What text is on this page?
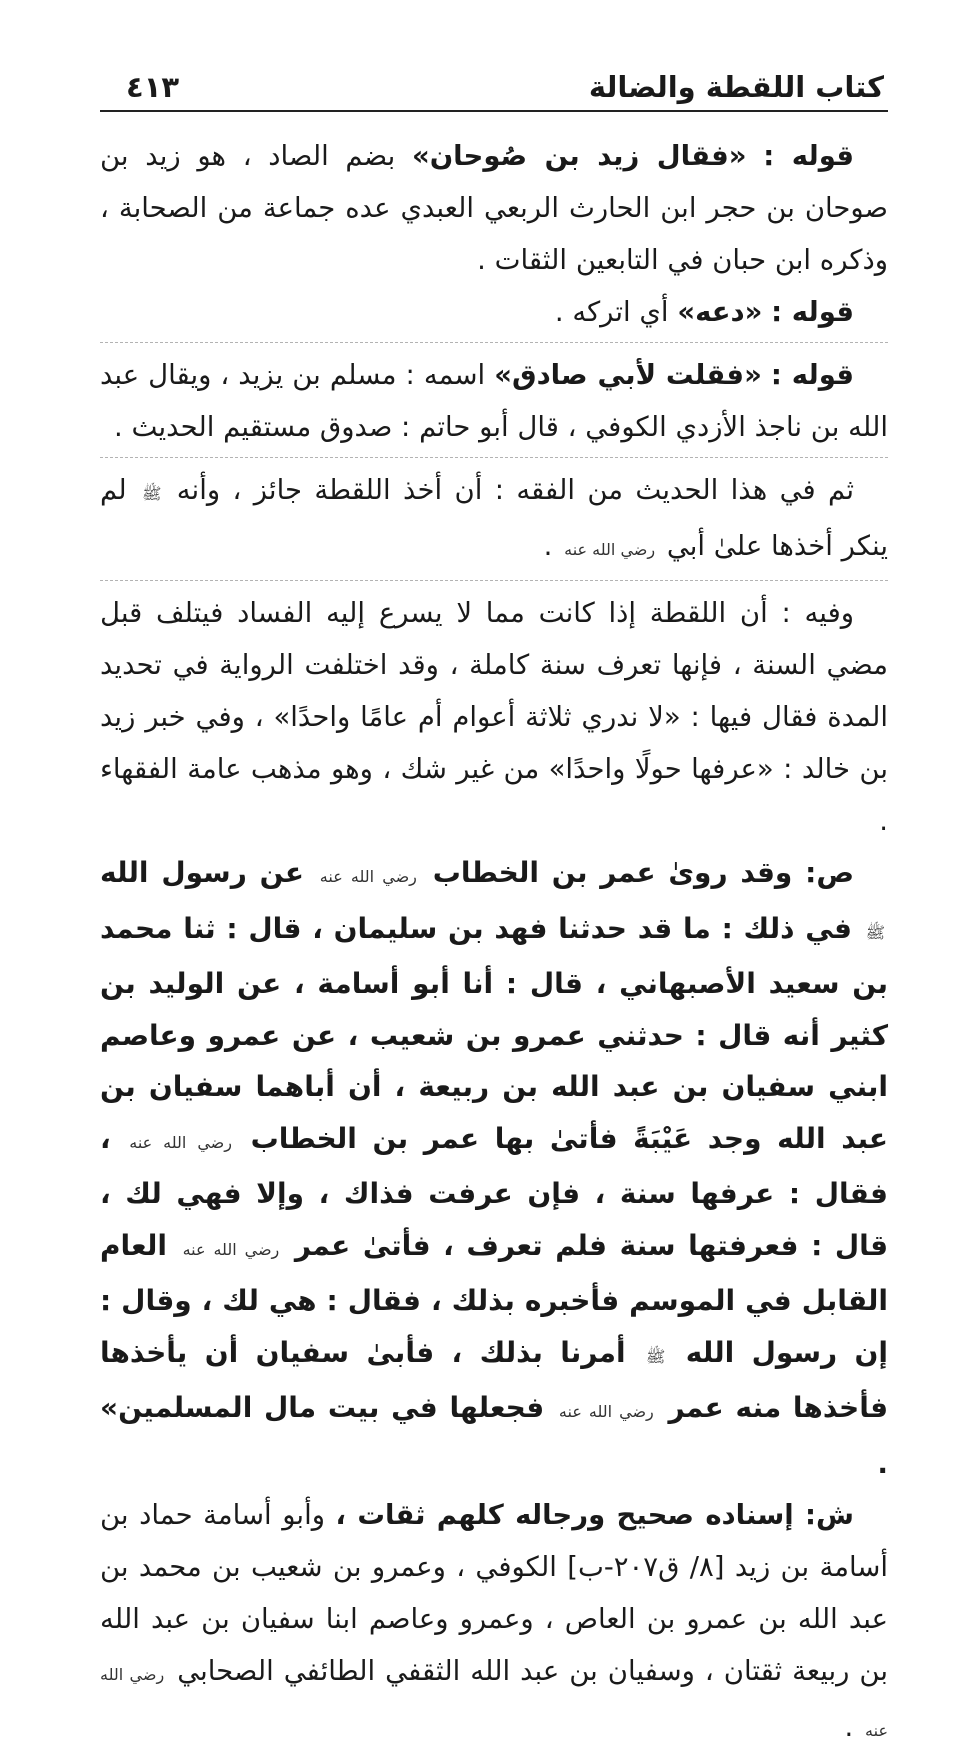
كتاب اللقطة والضالة
٤١٣

قوله : «فقال زيد بن صُوحان» بضم الصاد ، هو زيد بن صوحان بن حجر ابن الحارث الربعي العبدي عده جماعة من الصحابة ، وذكره ابن حبان في التابعين الثقات .

قوله : «دعه» أي اتركه .

قوله : «فقلت لأبي صادق» اسمه : مسلم بن يزيد ، ويقال عبد الله بن ناجذ الأزدي الكوفي ، قال أبو حاتم : صدوق مستقيم الحديث .

ثم في هذا الحديث من الفقه : أن أخذ اللقطة جائز ، وأنه ﷺ لم ينكر أخذها علىٰ أبي رضي الله عنه .

وفيه : أن اللقطة إذا كانت مما لا يسرع إليه الفساد فيتلف قبل مضي السنة ، فإنها تعرف سنة كاملة ، وقد اختلفت الرواية في تحديد المدة فقال فيها : «لا ندري ثلاثة أعوام أم عامًا واحدًا» ، وفي خبر زيد بن خالد : «عرفها حولًا واحدًا» من غير شك ، وهو مذهب عامة الفقهاء .

ص: وقد روىٰ عمر بن الخطاب رضي الله عنه عن رسول الله ﷺ في ذلك : ما قد حدثنا فهد بن سليمان ، قال : ثنا محمد بن سعيد الأصبهاني ، قال : أنا أبو أسامة ، عن الوليد بن كثير أنه قال : حدثني عمرو بن شعيب ، عن عمرو وعاصم ابني سفيان بن عبد الله بن ربيعة ، أن أباهما سفيان بن عبد الله وجد عَيْبَةً فأتىٰ بها عمر بن الخطاب رضي الله عنه ، فقال : عرفها سنة ، فإن عرفت فذاك ، وإلا فهي لك ، قال : فعرفتها سنة فلم تعرف ، فأتىٰ عمر رضي الله عنه العام القابل في الموسم فأخبره بذلك ، فقال : هي لك ، وقال : إن رسول الله ﷺ أمرنا بذلك ، فأبىٰ سفيان أن يأخذها فأخذها منه عمر رضي الله عنه فجعلها في بيت مال المسلمين» .

ش: إسناده صحيح ورجاله كلهم ثقات ، وأبو أسامة حماد بن أسامة بن زيد [٨/ ق٢٠٧-ب] الكوفي ، وعمرو بن شعيب بن محمد بن عبد الله بن عمرو بن العاص ، وعمرو وعاصم ابنا سفيان بن عبد الله بن ربيعة ثقتان ، وسفيان بن عبد الله الثقفي الطائفي الصحابي رضي الله عنه .
